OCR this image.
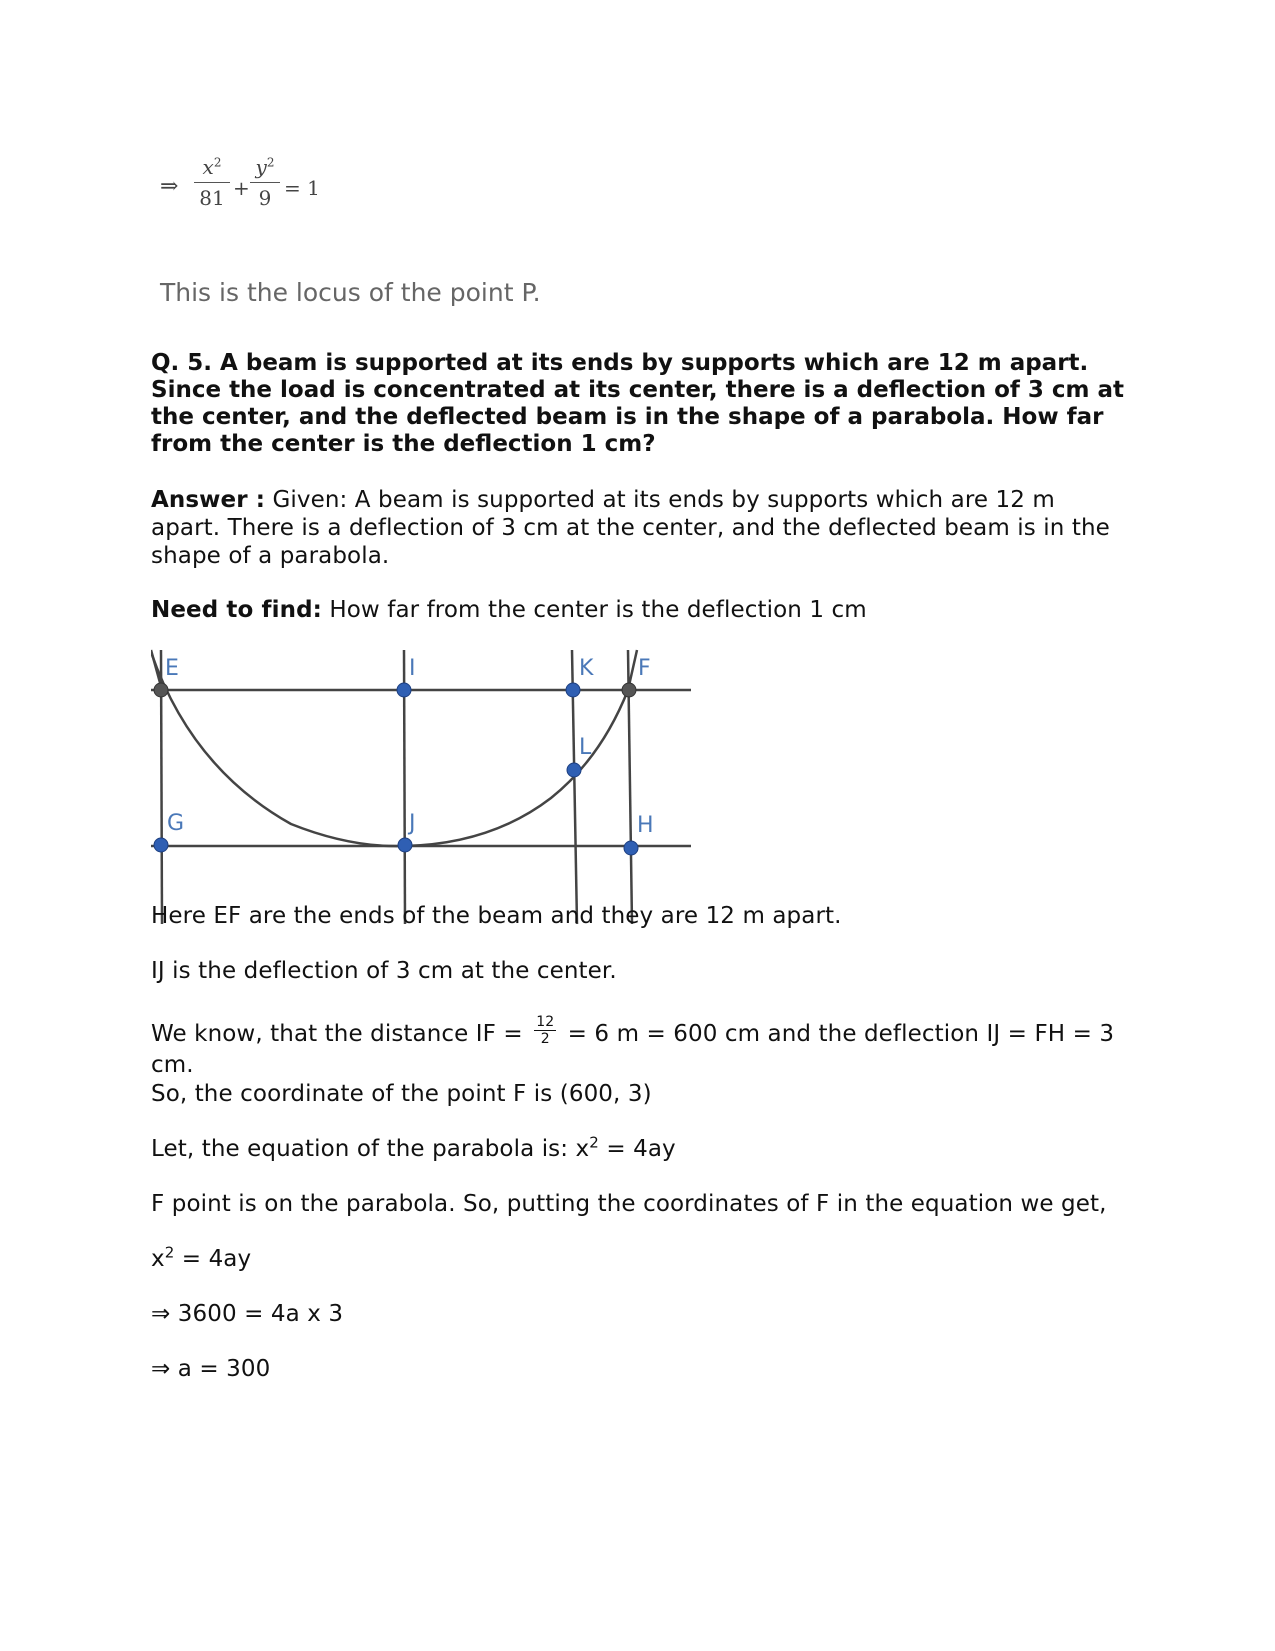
⇒
$x^2$
81 +
$y^2$
9 = 1
This is the locus of the point P.
Q. 5. A beam is supported at its ends by supports which are 12 m apart. Since the load is concentrated at its center, there is a deflection of 3 cm at the center, and the deflected beam is in the shape of a parabola. How far from the center is the deflection 1 cm?
Answer : Given: A beam is supported at its ends by supports which are 12 m apart. There is a deflection of 3 cm at the center, and the deflected beam is in the shape of a parabola.
Need to find: How far from the center is the deflection 1 cm
E	I	K F
L
G	J	H
Here EF are the ends of the beam and they are 12 m apart.
IJ is the deflection of 3 cm at the center.
We know, that the distance IF = $\frac{12}{2} = 6$ m = 600 cm and the deflection IJ = FH = 3 cm.
So, the coordinate of the point F is (600, 3)
Let, the equation of the parabola is: $x^2 = 4ay$
F point is on the parabola. So, putting the coordinates of F in the equation we get,
$x^2 = 4ay$
⇒ 3600 = 4a x 3
⇒ a = 300
